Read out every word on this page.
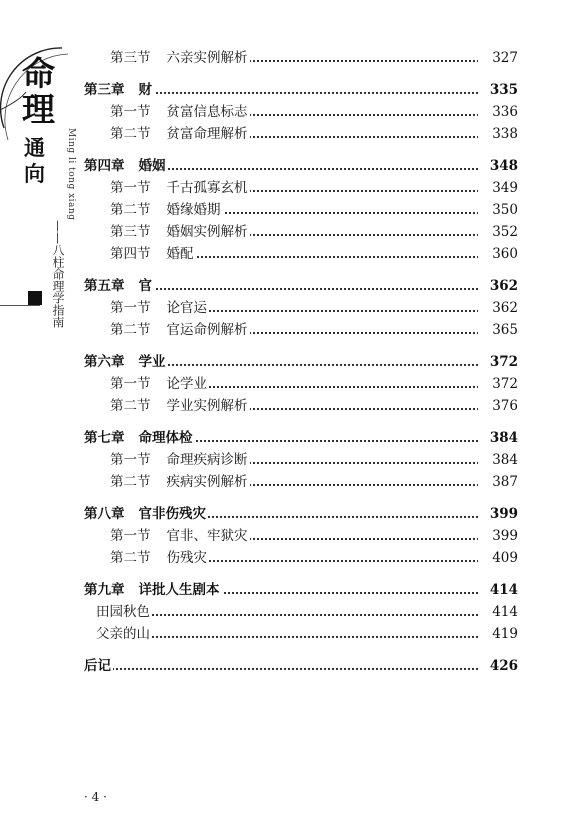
命
理
通
向	Ming li tong xiang
——八柱命理学指南
第三节 六亲实例解析	327
第三章 财	335
第一节 贫富信息标志	336
第二节 贫富命理解析	338
第四章 婚姻	348
第一节 千古孤寡玄机	349
第二节 婚缘婚期	350
第三节 婚姻实例解析	352
第四节 婚配	360
第五章 官	362
第一节 论官运	362
第二节 官运命例解析	365
第六章 学业	372
第一节 论学业	372
第二节 学业实例解析	376
第七章 命理体检	384
第一节 命理疾病诊断	384
第二节 疾病实例解析	387
第八章 官非伤残灾	399
第一节 官非、牢狱灾	399
第二节 伤残灾	409
第九章 详批人生剧本	414
田园秋色	414
父亲的山	419
后记	426
· 4 ·
